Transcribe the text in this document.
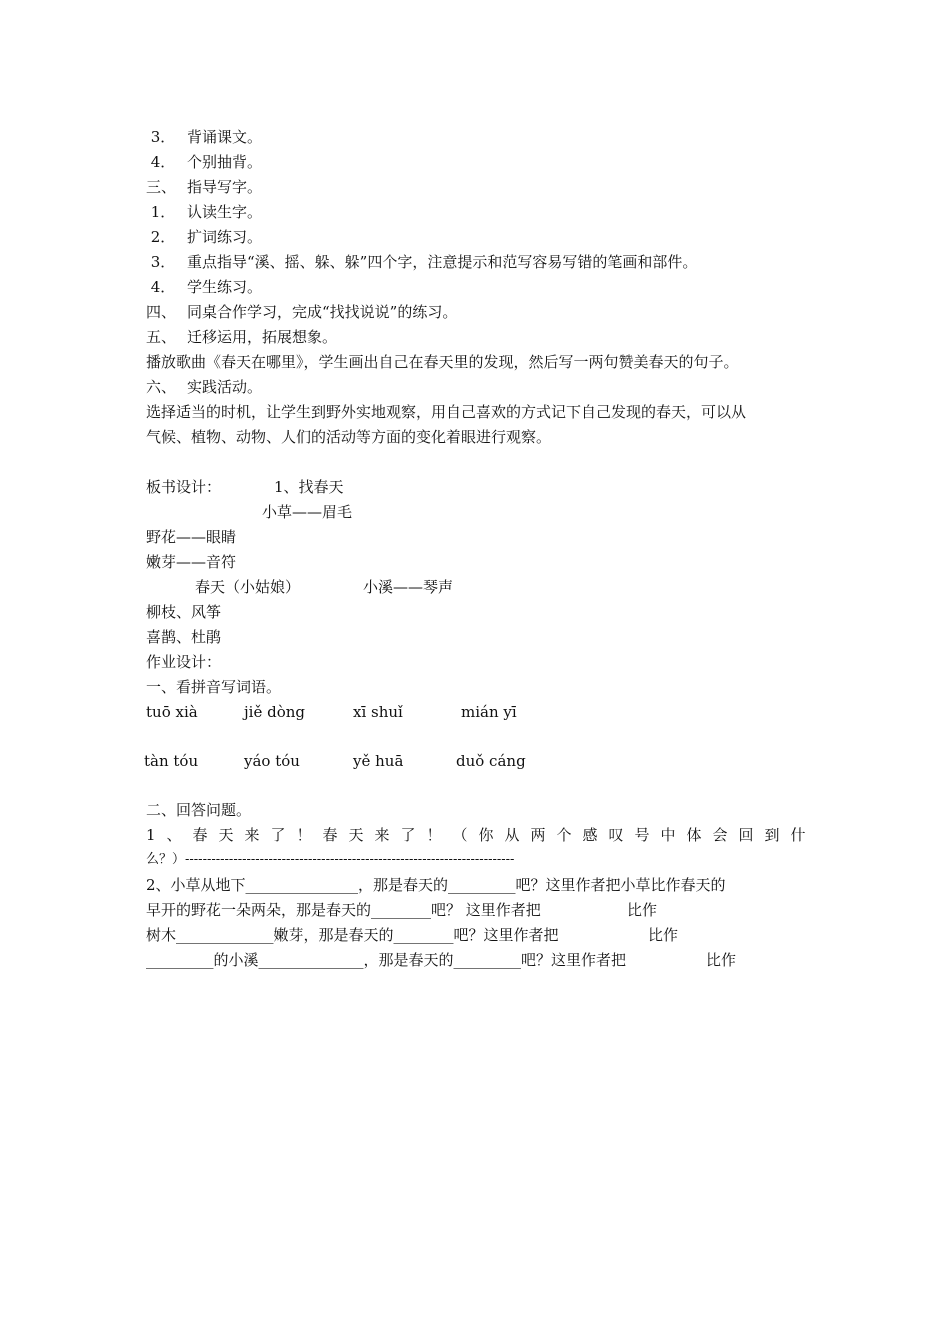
3． 背诵课文。
4． 个别抽背。
三、 指导写字。
1． 认读生字。
2． 扩词练习。
3． 重点指导“溪、摇、躲、躲”四个字，注意提示和范写容易写错的笔画和部件。
4． 学生练习。
四、 同桌合作学习，完成“找找说说”的练习。
五、 迁移运用，拓展想象。
播放歌曲《春天在哪里》，学生画出自己在春天里的发现，然后写一两句赞美春天的句子。
六、 实践活动。
选择适当的时机，让学生到野外实地观察，用自己喜欢的方式记下自己发现的春天，可以从
气候、植物、动物、人们的活动等方面的变化着眼进行观察。
板书设计：	1、找春天
小草——眉毛
野花——眼睛
嫩芽——音符
春天（小姑娘）	小溪——琴声
柳枝、风筝
喜鹊、杜鹃
作业设计：
一、看拼音写词语。
tuō xià	jiě dòng	xī shuǐ	mián yī
tàn tóu	yáo tóu	yě huā	duǒ cáng
二、回答问题。
1、春天来了！春天来了！（你从两个感叹号中体会回到什
么？）---------------------------------------------------------------------------
2、小草从地下_______________，那是春天的_________吧？这里作者把小草比作春天的
早开的野花一朵两朵，那是春天的________吧？ 这里作者把	比作
树木_____________嫩芽，那是春天的________吧？这里作者把	比作
_________的小溪______________，那是春天的_________吧？这里作者把	比作
